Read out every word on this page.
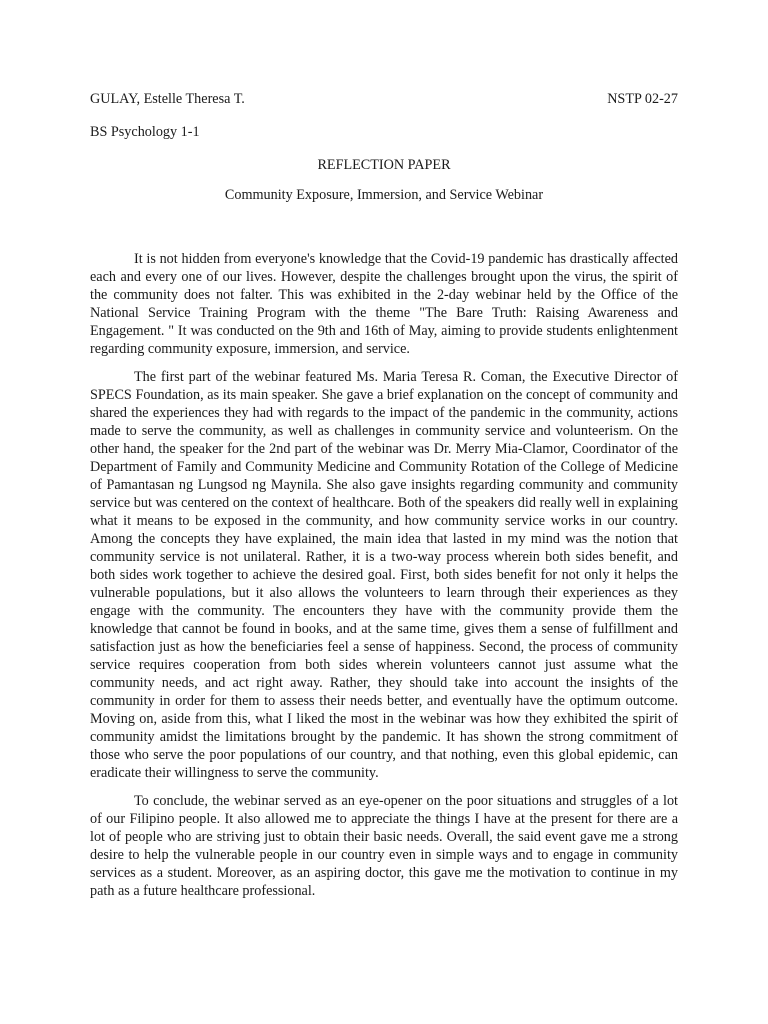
GULAY, Estelle Theresa T.	NSTP 02-27
BS Psychology 1-1
REFLECTION PAPER
Community Exposure, Immersion, and Service Webinar

It is not hidden from everyone's knowledge that the Covid-19 pandemic has drastically affected each and every one of our lives. However, despite the challenges brought upon the virus, the spirit of the community does not falter. This was exhibited in the 2-day webinar held by the Office of the National Service Training Program with the theme "The Bare Truth: Raising Awareness and Engagement. " It was conducted on the 9th and 16th of May, aiming to provide students enlightenment regarding community exposure, immersion, and service.

The first part of the webinar featured Ms. Maria Teresa R. Coman, the Executive Director of SPECS Foundation, as its main speaker. She gave a brief explanation on the concept of community and shared the experiences they had with regards to the impact of the pandemic in the community, actions made to serve the community, as well as challenges in community service and volunteerism. On the other hand, the speaker for the 2nd part of the webinar was Dr. Merry Mia-Clamor, Coordinator of the Department of Family and Community Medicine and Community Rotation of the College of Medicine of Pamantasan ng Lungsod ng Maynila. She also gave insights regarding community and community service but was centered on the context of healthcare. Both of the speakers did really well in explaining what it means to be exposed in the community, and how community service works in our country. Among the concepts they have explained, the main idea that lasted in my mind was the notion that community service is not unilateral. Rather, it is a two-way process wherein both sides benefit, and both sides work together to achieve the desired goal. First, both sides benefit for not only it helps the vulnerable populations, but it also allows the volunteers to learn through their experiences as they engage with the community. The encounters they have with the community provide them the knowledge that cannot be found in books, and at the same time, gives them a sense of fulfillment and satisfaction just as how the beneficiaries feel a sense of happiness. Second, the process of community service requires cooperation from both sides wherein volunteers cannot just assume what the community needs, and act right away. Rather, they should take into account the insights of the community in order for them to assess their needs better, and eventually have the optimum outcome. Moving on, aside from this, what I liked the most in the webinar was how they exhibited the spirit of community amidst the limitations brought by the pandemic. It has shown the strong commitment of those who serve the poor populations of our country, and that nothing, even this global epidemic, can eradicate their willingness to serve the community.

To conclude, the webinar served as an eye-opener on the poor situations and struggles of a lot of our Filipino people. It also allowed me to appreciate the things I have at the present for there are a lot of people who are striving just to obtain their basic needs. Overall, the said event gave me a strong desire to help the vulnerable people in our country even in simple ways and to engage in community services as a student. Moreover, as an aspiring doctor, this gave me the motivation to continue in my path as a future healthcare professional.
